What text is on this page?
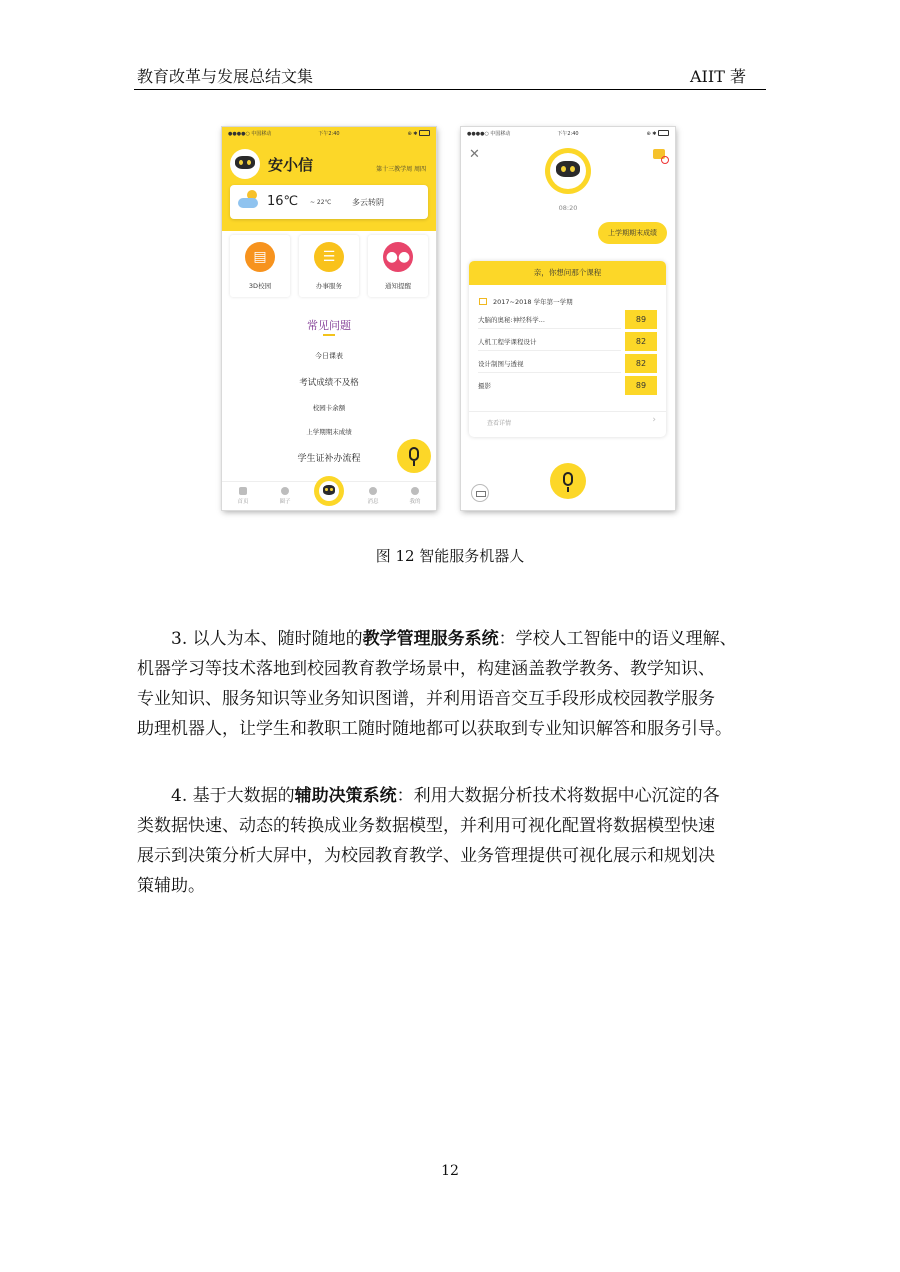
教育改革与发展总结文集	AIIT 著
●●●●○ 中国移动	下午2:40	⊕ ✱
安小信	第十三教学周 周四
16℃ ~ 22℃	多云转阴
▤
3D校园
☰
办事服务
●●
通知提醒
常见问题
今日课表
考试成绩不及格
校园卡余额
上学期期末成绩
学生证补办流程
首页	圈子	消息	我的
●●●●○ 中国移动	下午2:40	⊕ ✱
✕
08:20
上学期期末成绩
亲，你想问那个课程
2017~2018 学年第一学期
大脑的奥秘:神经科学...	89
人机工程学课程设计	82
设计制图与透视	82
摄影	89
查看详情	›
图 12 智能服务机器人

3. 以人为本、随时随地的教学管理服务系统：学校人工智能中的语义理解、
机器学习等技术落地到校园教育教学场景中，构建涵盖教学教务、教学知识、
专业知识、服务知识等业务知识图谱，并利用语音交互手段形成校园教学服务
助理机器人，让学生和教职工随时随地都可以获取到专业知识解答和服务引导。

4. 基于大数据的辅助决策系统：利用大数据分析技术将数据中心沉淀的各
类数据快速、动态的转换成业务数据模型，并利用可视化配置将数据模型快速
展示到决策分析大屏中，为校园教育教学、业务管理提供可视化展示和规划决
策辅助。

12
